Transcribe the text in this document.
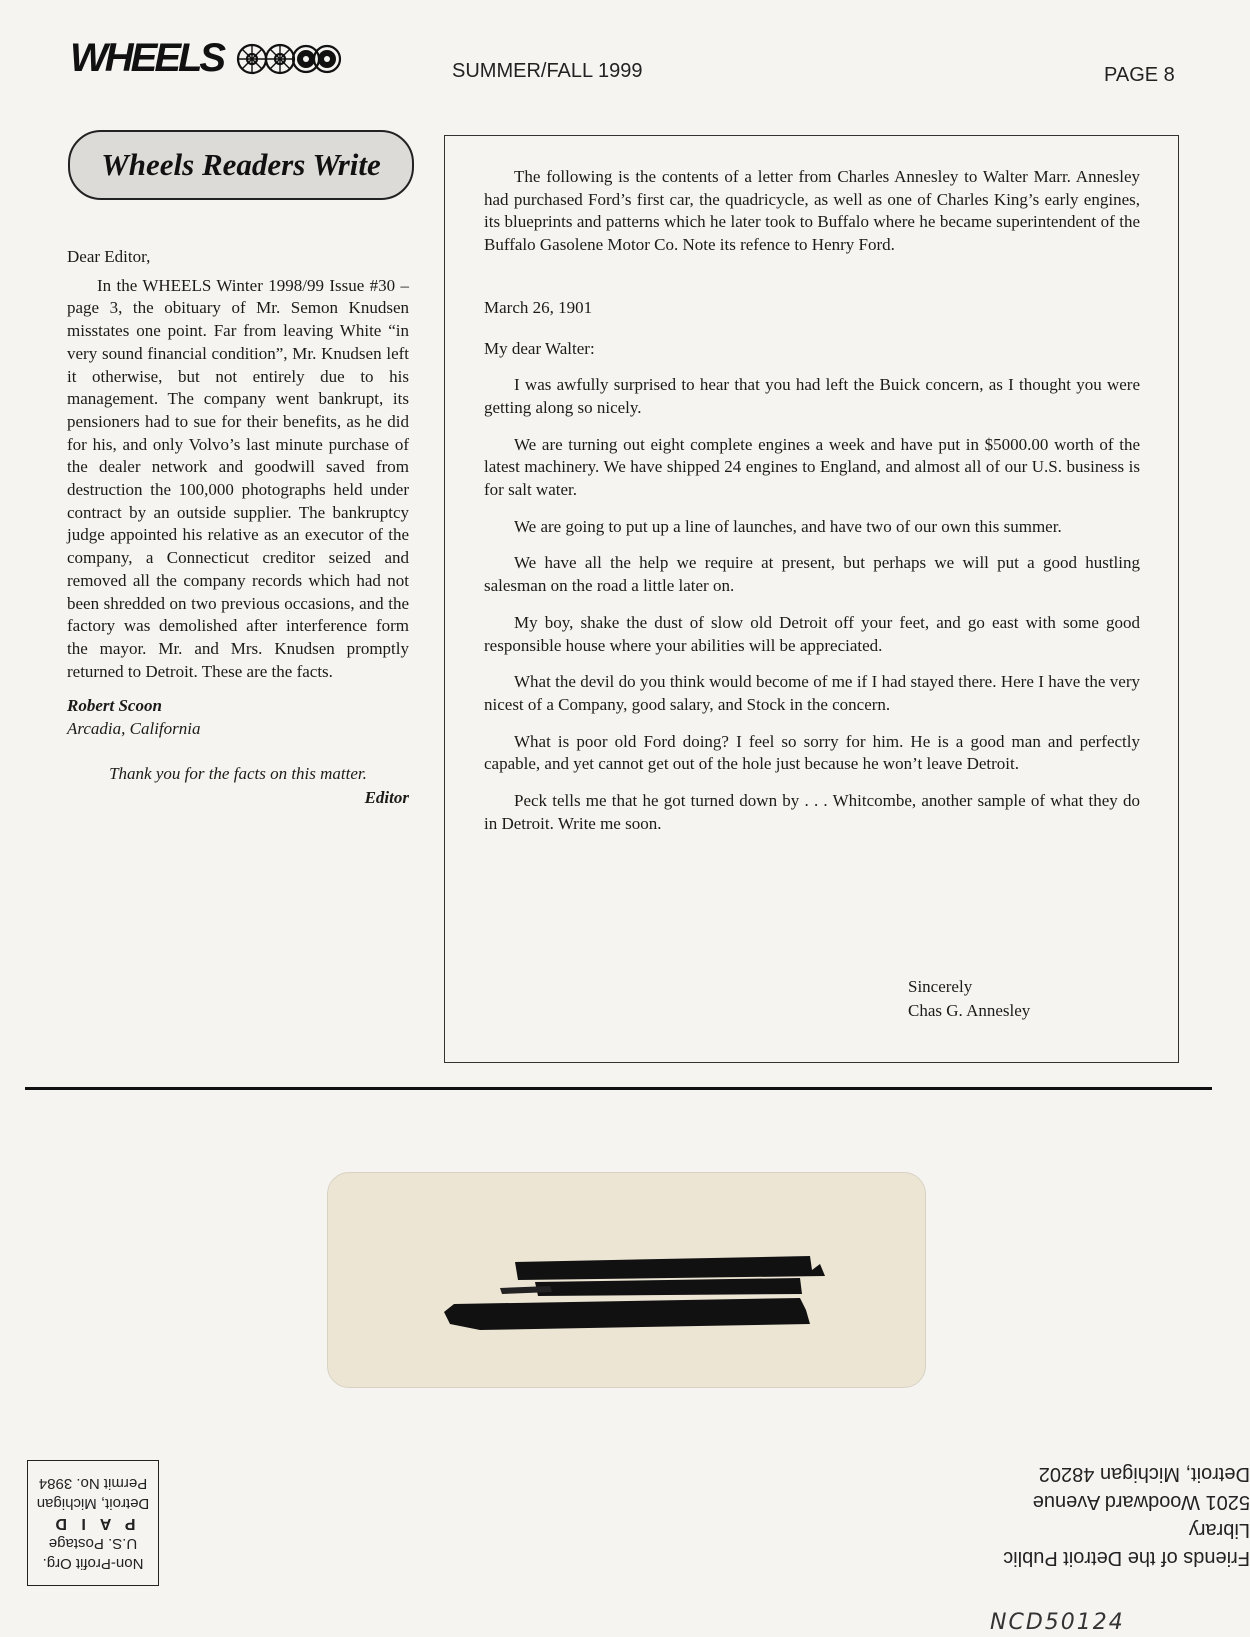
WHEELS	SUMMER/FALL 1999	PAGE 8
Wheels Readers Write

Dear Editor,

In the WHEELS Winter 1998/99 Issue #30 – page 3, the obituary of Mr. Semon Knudsen misstates one point. Far from leaving White “in very sound financial condition”, Mr. Knudsen left it otherwise, but not entirely due to his management. The company went bankrupt, its pensioners had to sue for their benefits, as he did for his, and only Volvo’s last minute purchase of the dealer network and goodwill saved from destruction the 100,000 photographs held under contract by an outside supplier. The bankruptcy judge appointed his relative as an executor of the company, a Connecticut creditor seized and removed all the company records which had not been shredded on two previous occasions, and the factory was demolished after interference form the mayor. Mr. and Mrs. Knudsen promptly returned to Detroit. These are the facts.

Robert Scoon

Arcadia, California

Thank you for the facts on this matter.

Editor

The following is the contents of a letter from Charles Annesley to Walter Marr. Annesley had purchased Ford’s first car, the quadricycle, as well as one of Charles King’s early engines, its blueprints and patterns which he later took to Buffalo where he became superintendent of the Buffalo Gasolene Motor Co. Note its refence to Henry Ford.

March 26, 1901

My dear Walter:

I was awfully surprised to hear that you had left the Buick concern, as I thought you were getting along so nicely.

We are turning out eight complete engines a week and have put in $5000.00 worth of the latest machinery. We have shipped 24 engines to England, and almost all of our U.S. business is for salt water.

We are going to put up a line of launches, and have two of our own this summer.

We have all the help we require at present, but perhaps we will put a good hustling salesman on the road a little later on.

My boy, shake the dust of slow old Detroit off your feet, and go east with some good responsible house where your abilities will be appreciated.

What the devil do you think would become of me if I had stayed there. Here I have the very nicest of a Company, good salary, and Stock in the concern.

What is poor old Ford doing? I feel so sorry for him. He is a good man and perfectly capable, and yet cannot get out of the hole just because he won’t leave Detroit.

Peck tells me that he got turned down by . . . Whitcombe, another sample of what they do in Detroit. Write me soon.

Sincerely
Chas G. Annesley
Friends of the Detroit Public Library
5201 Woodward Avenue
Detroit, Michigan 48202
Non-Profit Org.
U.S. Postage
P A I D
Detroit, Michigan
Permit No. 3984
NCD50124
